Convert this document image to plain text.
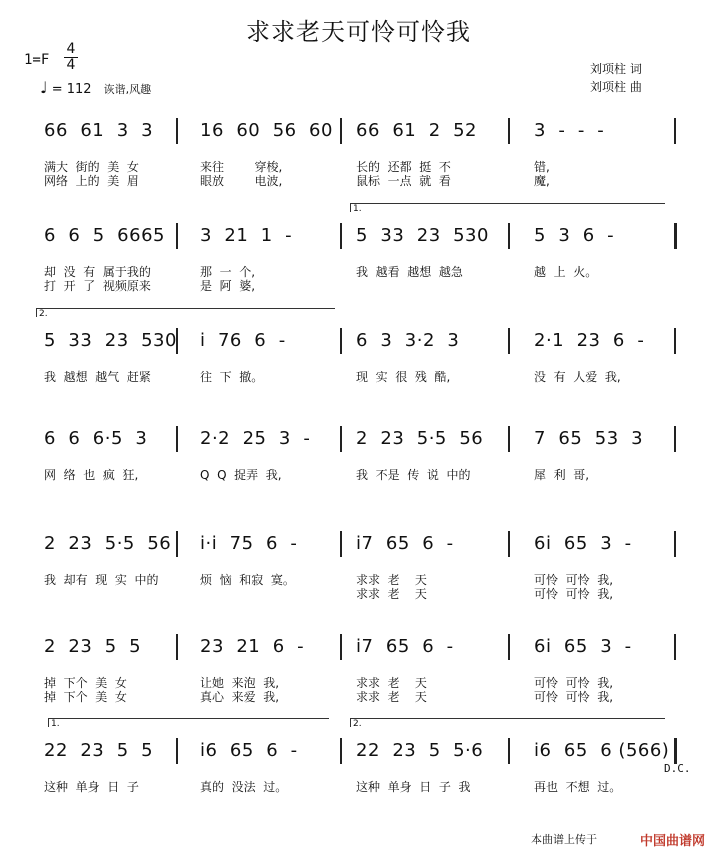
求求老天可怜可怜我
1=F
4
4
♩ = 112 诙谐,风趣
刘项柱 词
刘项柱 曲
66  61  3  3	16  60  56  60 66  61  2  52	3  -  -  -
满大  街的  美  女	来往        穿梭,	长的  还都  挺  不	错,
网络  上的  美  眉	眼放        电波,	鼠标  一点  就  看	魔,
6  6  5  6665 3  21  1  -	5  33  23  530	5  3  6  -
却  没  有  属于我的	那  一  个,	我  越看  越想  越急	越  上  火。
打  开  了  视频原来	是  阿  婆,
1.
5  33  23  530 i  76  6  -	6  3  3·2  3	2·1  23  6  -
我  越想  越气  赶紧	往  下  撤。	现  实  很  残  酷,	没  有  人爱  我,
2.
6  6  6·5  3	2·2  25  3  -	2  23  5·5  56	7  65  53  3
网  络  也  疯  狂,	Q  Q  捉弄  我,	我  不是  传  说  中的	犀  利  哥,
2  23  5·5  56 i·i  75  6  -	i7  65  6  -	6i  65  3  -
我  却有  现  实  中的	烦  恼  和寂  寞。	求求  老    天	可怜  可怜  我,
求求  老    天	可怜  可怜  我,
2  23  5  5	23  21  6  -	i7  65  6  -	6i  65  3  -
掉  下个  美  女	让她  来泡  我,	求求  老    天	可怜  可怜  我,
掉  下个  美  女	真心  来爱  我,	求求  老    天	可怜  可怜  我,
22  23  5  5	i6  65  6  -	22  23  5  5·6	i6  65  6 (566)
这种  单身  日  子	真的  没法  过。	这种  单身  日  子  我	再也  不想  过。
1.	2.
D.C.
本曲谱上传于	中国曲谱网
